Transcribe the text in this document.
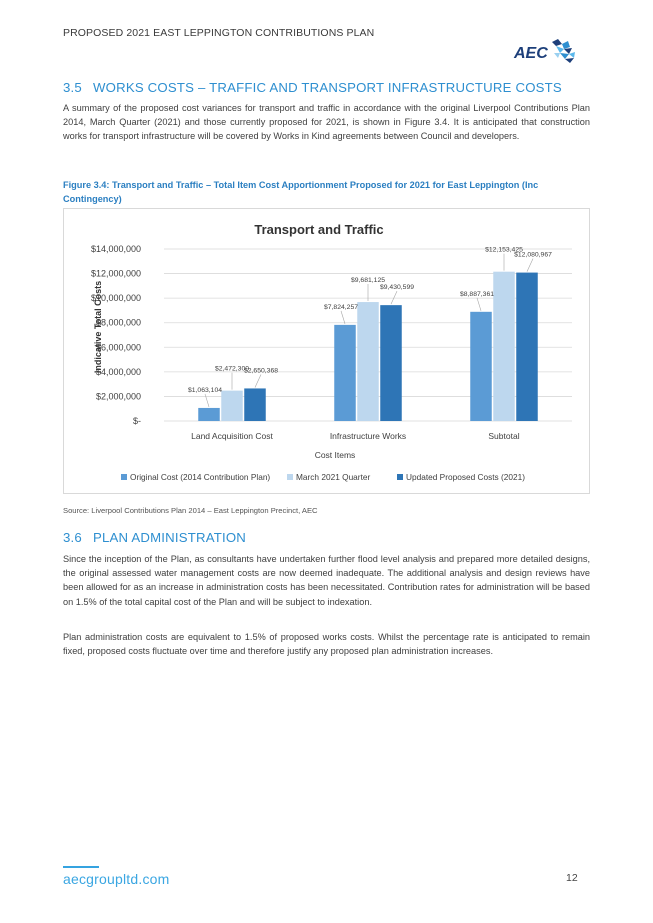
PROPOSED 2021 EAST LEPPINGTON CONTRIBUTIONS PLAN
AEC
3.5 WORKS COSTS – TRAFFIC AND TRANSPORT INFRASTRUCTURE COSTS

A summary of the proposed cost variances for transport and traffic in accordance with the original Liverpool Contributions Plan 2014, March Quarter (2021) and those currently proposed for 2021, is shown in Figure 3.4. It is anticipated that construction works for transport infrastructure will be covered by Works in Kind agreements between Council and developers.

Figure 3.4: Transport and Traffic – Total Item Cost Apportionment Proposed for 2021 for East Leppington (Inc Contingency)

Transport and Traffic
Indicative Total Costs
Cost Items
$-
$2,000,000
$4,000,000
$6,000,000
$8,000,000
$10,000,000
$12,000,000
$14,000,000
$1,063,104
$2,472,300
$2,650,368
Land Acquisition Cost
$7,824,257
$9,681,125
$9,430,599
Infrastructure Works
$8,887,361
$12,153,425
$12,080,967
Subtotal
Original Cost (2014 Contribution Plan)	March 2021 Quarter	Updated Proposed Costs (2021)
Source: Liverpool Contributions Plan 2014 – East Leppington Precinct, AEC
3.6 PLAN ADMINISTRATION

Since the inception of the Plan, as consultants have undertaken further flood level analysis and prepared more detailed designs, the original assessed water management costs are now deemed inadequate. The additional analysis and design reviews have been allowed for as an increase in administration costs has been necessitated. Contribution rates for administration will be based on 1.5% of the total capital cost of the Plan and will be subject to indexation.

Plan administration costs are equivalent to 1.5% of proposed works costs. Whilst the percentage rate is anticipated to remain fixed, proposed costs fluctuate over time and therefore justify any proposed plan administration increases.

aecgroupltd.com	12
